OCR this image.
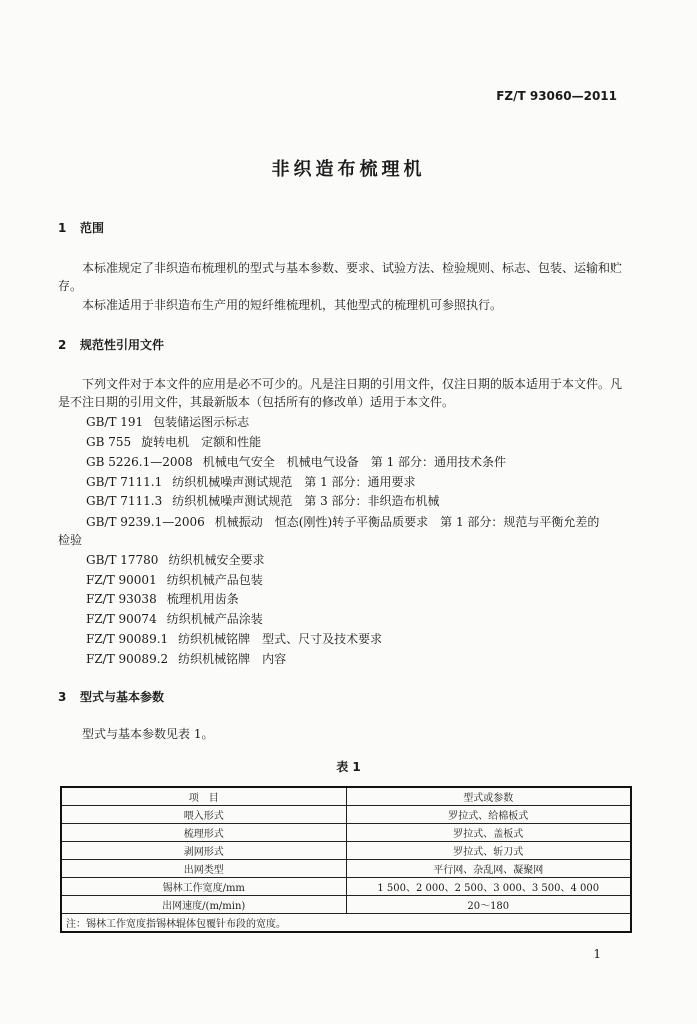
FZ/T 93060—2011
非织造布梳理机
1 范围
本标准规定了非织造布梳理机的型式与基本参数、要求、试验方法、检验规则、标志、包装、运输和贮存。
本标准适用于非织造布生产用的短纤维梳理机，其他型式的梳理机可参照执行。
2 规范性引用文件
下列文件对于本文件的应用是必不可少的。凡是注日期的引用文件，仅注日期的版本适用于本文件。凡是不注日期的引用文件，其最新版本（包括所有的修改单）适用于本文件。
GB/T 191 包装储运图示标志
GB 755 旋转电机　定额和性能
GB 5226.1—2008 机械电气安全　机械电气设备　第 1 部分：通用技术条件
GB/T 7111.1 纺织机械噪声测试规范　第 1 部分：通用要求
GB/T 7111.3 纺织机械噪声测试规范　第 3 部分：非织造布机械
GB/T 9239.1—2006 机械振动　恒态(刚性)转子平衡品质要求　第 1 部分：规范与平衡允差的
检验
GB/T 17780 纺织机械安全要求
FZ/T 90001 纺织机械产品包装
FZ/T 93038 梳理机用齿条
FZ/T 90074 纺织机械产品涂装
FZ/T 90089.1 纺织机械铭牌　型式、尺寸及技术要求
FZ/T 90089.2 纺织机械铭牌　内容
3 型式与基本参数
型式与基本参数见表 1。
表 1
项　目	型式或参数
喂入形式	罗拉式、给棉板式
梳理形式	罗拉式、盖板式
剥网形式	罗拉式、斩刀式
出网类型	平行网、杂乱网、凝聚网
锡林工作宽度/mm	1 500、2 000、2 500、3 000、3 500、4 000
出网速度/(m/min)	20～180
注：锡林工作宽度指锡林辊体包覆针布段的宽度。	
1
